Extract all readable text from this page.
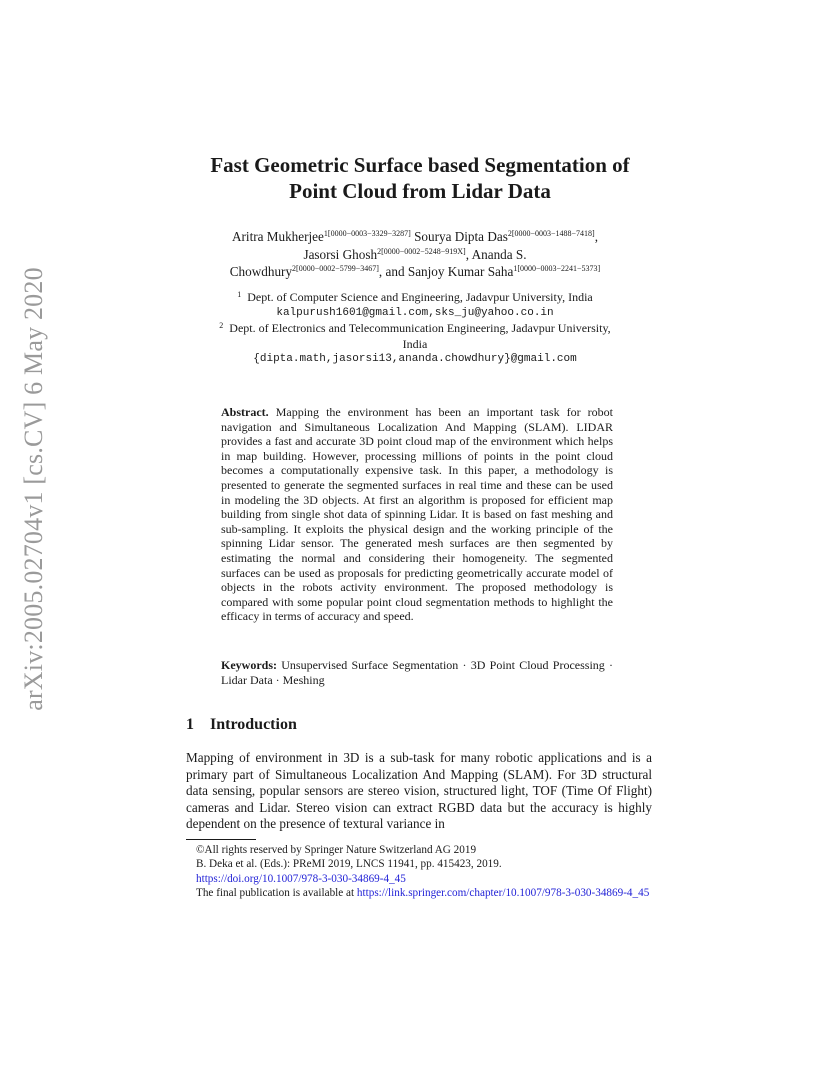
arXiv:2005.02704v1 [cs.CV] 6 May 2020
Fast Geometric Surface based Segmentation of
Point Cloud from Lidar Data
Aritra Mukherjee$^{1[0000-0003-3329-3287]}$ Sourya Dipta Das$^{2[0000-0003-1488-7418]}$,
Jasorsi Ghosh$^{2[0000-0002-5248-919X]}$, Ananda S.
Chowdhury$^{2[0000-0002-5799-3467]}$, and Sanjoy Kumar Saha$^{1[0000-0003-2241-5373]}$
$^1$ Dept. of Computer Science and Engineering, Jadavpur University, India
kalpurush1601@gmail.com,sks_ju@yahoo.co.in
$^2$ Dept. of Electronics and Telecommunication Engineering, Jadavpur University,
India
{dipta.math,jasorsi13,ananda.chowdhury}@gmail.com
Abstract. Mapping the environment has been an important task for robot navigation and Simultaneous Localization And Mapping (SLAM). LIDAR provides a fast and accurate 3D point cloud map of the environment which helps in map building. However, processing millions of points in the point cloud becomes a computationally expensive task. In this paper, a methodology is presented to generate the segmented surfaces in real time and these can be used in modeling the 3D objects. At first an algorithm is proposed for efficient map building from single shot data of spinning Lidar. It is based on fast meshing and sub-sampling. It exploits the physical design and the working principle of the spinning Lidar sensor. The generated mesh surfaces are then segmented by estimating the normal and considering their homogeneity. The segmented surfaces can be used as proposals for predicting geometrically accurate model of objects in the robots activity environment. The proposed methodology is compared with some popular point cloud segmentation methods to highlight the efficacy in terms of accuracy and speed.
Keywords: Unsupervised Surface Segmentation · 3D Point Cloud Processing · Lidar Data · Meshing
1 Introduction
Mapping of environment in 3D is a sub-task for many robotic applications and is a primary part of Simultaneous Localization And Mapping (SLAM). For 3D structural data sensing, popular sensors are stereo vision, structured light, TOF (Time Of Flight) cameras and Lidar. Stereo vision can extract RGBD data but the accuracy is highly dependent on the presence of textural variance in
©All rights reserved by Springer Nature Switzerland AG 2019
B. Deka et al. (Eds.): PReMI 2019, LNCS 11941, pp. 415423, 2019.
https://doi.org/10.1007/978-3-030-34869-4_45
The final publication is available at https://link.springer.com/chapter/10.1007/978-3-030-34869-4_45
